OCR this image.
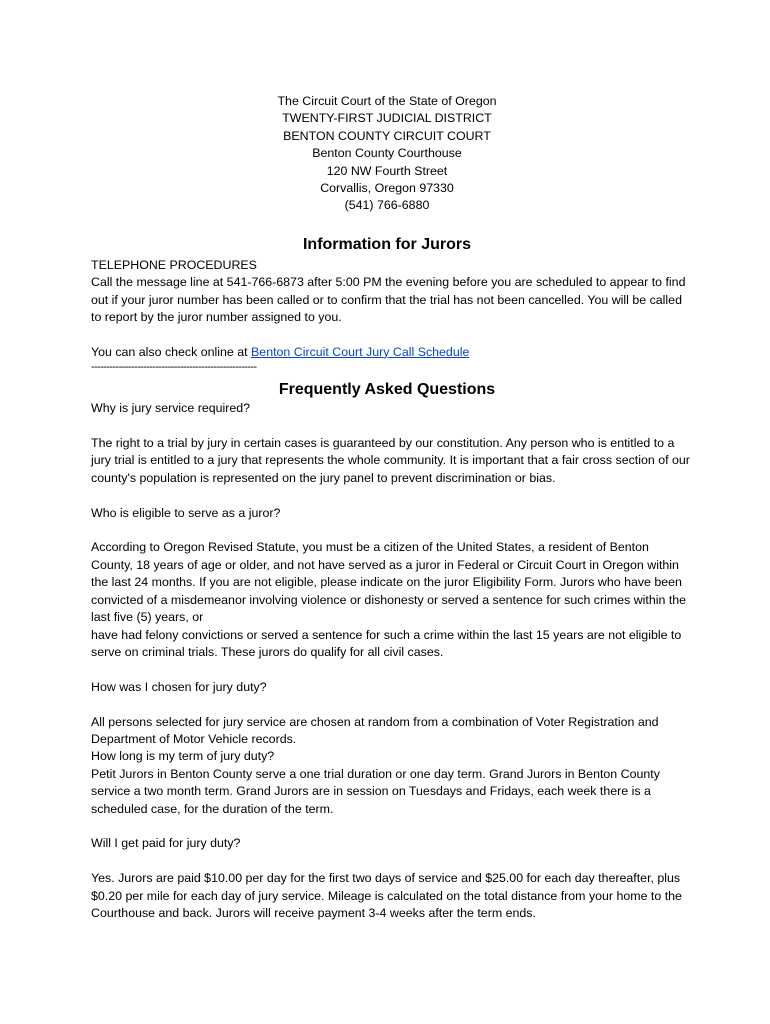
The Circuit Court of the State of Oregon
TWENTY-FIRST JUDICIAL DISTRICT
BENTON COUNTY CIRCUIT COURT
Benton County Courthouse
120 NW Fourth Street
Corvallis, Oregon 97330
(541) 766-6880
Information for Jurors

TELEPHONE PROCEDURES

Call the message line at 541-766-6873 after 5:00 PM the evening before you are scheduled to appear to find out if your juror number has been called or to confirm that the trial has not been cancelled. You will be called to report by the juror number assigned to you.

You can also check online at Benton Circuit Court Jury Call Schedule

------------------------------------------------------
Frequently Asked Questions

Why is jury service required?

The right to a trial by jury in certain cases is guaranteed by our constitution. Any person who is entitled to a jury trial is entitled to a jury that represents the whole community. It is important that a fair cross section of our county's population is represented on the jury panel to prevent discrimination or bias.

Who is eligible to serve as a juror?

According to Oregon Revised Statute, you must be a citizen of the United States, a resident of Benton County, 18 years of age or older, and not have served as a juror in Federal or Circuit Court in Oregon within the last 24 months. If you are not eligible, please indicate on the juror Eligibility Form. Jurors who have been convicted of a misdemeanor involving violence or dishonesty or served a sentence for such crimes within the last five (5) years, or

have had felony convictions or served a sentence for such a crime within the last 15 years are not eligible to serve on criminal trials. These jurors do qualify for all civil cases.

How was I chosen for jury duty?

All persons selected for jury service are chosen at random from a combination of Voter Registration and Department of Motor Vehicle records.

How long is my term of jury duty?

Petit Jurors in Benton County serve a one trial duration or one day term. Grand Jurors in Benton County service a two month term. Grand Jurors are in session on Tuesdays and Fridays, each week there is a scheduled case, for the duration of the term.

Will I get paid for jury duty?

Yes. Jurors are paid $10.00 per day for the first two days of service and $25.00 for each day thereafter, plus $0.20 per mile for each day of jury service. Mileage is calculated on the total distance from your home to the Courthouse and back. Jurors will receive payment 3-4 weeks after the term ends.
